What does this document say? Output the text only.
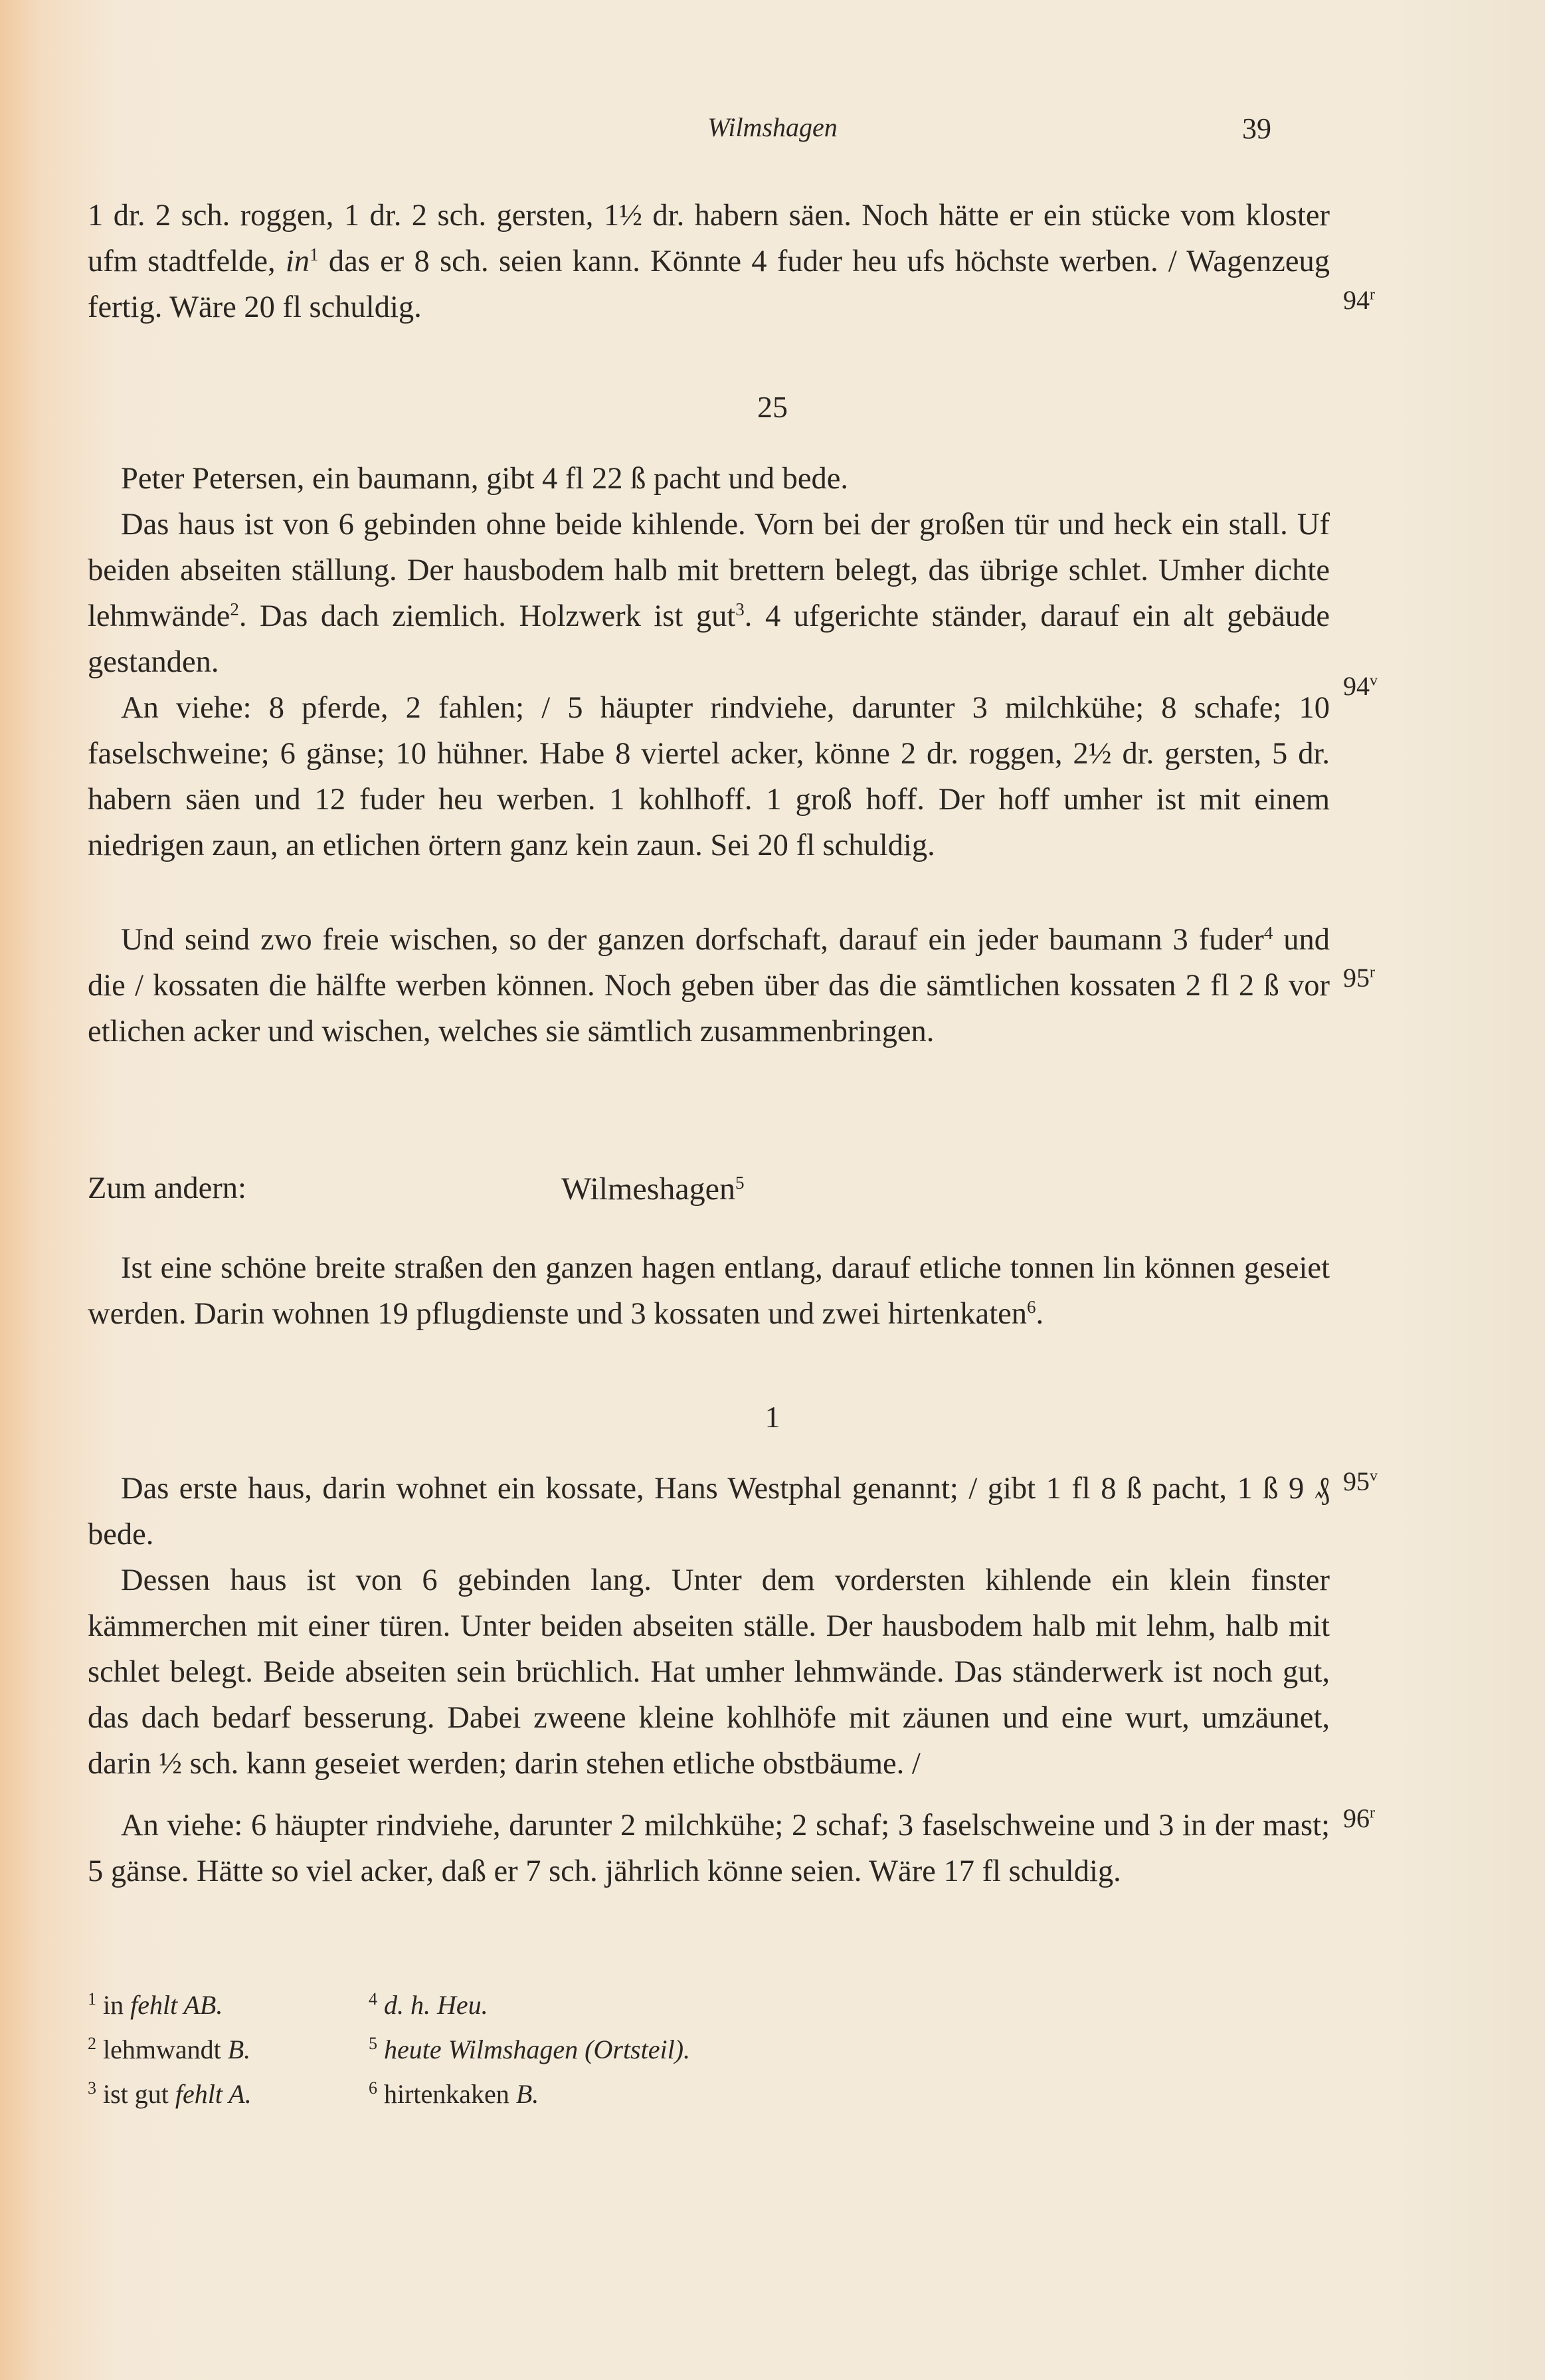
Wilmshagen	39
1 dr. 2 sch. roggen, 1 dr. 2 sch. gersten, 1½ dr. habern säen. Noch hätte er ein stücke vom kloster ufm stadtfelde, in$^1$ das er 8 sch. seien kann. Könnte 4 fuder heu ufs höchste werben. / Wagenzeug fertig. Wäre 20 fl schuldig.	94$^r$
25
Peter Petersen, ein baumann, gibt 4 fl 22 ß pacht und bede.
Das haus ist von 6 gebinden ohne beide kihlende. Vorn bei der großen tür und heck ein stall. Uf beiden abseiten ställung. Der hausbodem halb mit brettern belegt, das übrige schlet. Umher dichte lehmwände$^2$. Das dach ziemlich. Holzwerk ist gut$^3$. 4 ufgerichte ständer, darauf ein alt gebäude gestanden.
An viehe: 8 pferde, 2 fahlen; / 5 häupter rindviehe, darunter 3 milchkühe; 8 schafe; 10 faselschweine; 6 gänse; 10 hühner. Habe 8 viertel acker, könne 2 dr. roggen, 2½ dr. gersten, 5 dr. habern säen und 12 fuder heu werben. 1 kohlhoff. 1 groß hoff. Der hoff umher ist mit einem niedrigen zaun, an etlichen örtern ganz kein zaun. Sei 20 fl schuldig.
94$^v$
Und seind zwo freie wischen, so der ganzen dorfschaft, darauf ein jeder baumann 3 fuder$^4$ und die / kossaten die hälfte werben können. Noch geben über das die sämtlichen kossaten 2 fl 2 ß vor etlichen acker und wischen, welches sie sämtlich zusammenbringen.
95$^r$
Zum andern:	Wilmeshagen$^5$
Ist eine schöne breite straßen den ganzen hagen entlang, darauf etliche tonnen lin können geseiet werden. Darin wohnen 19 pflugdienste und 3 kossaten und zwei hirtenkaten$^6$.
1
Das erste haus, darin wohnet ein kossate, Hans Westphal genannt; / gibt 1 fl 8 ß pacht, 1 ß 9 ₰ bede.
95$^v$
Dessen haus ist von 6 gebinden lang. Unter dem vordersten kihlende ein klein finster kämmerchen mit einer türen. Unter beiden abseiten ställe. Der hausbodem halb mit lehm, halb mit schlet belegt. Beide abseiten sein brüchlich. Hat umher lehmwände. Das ständerwerk ist noch gut, das dach bedarf besserung. Dabei zweene kleine kohlhöfe mit zäunen und eine wurt, umzäunet, darin ½ sch. kann geseiet werden; darin stehen etliche obstbäume. /
An viehe: 6 häupter rindviehe, darunter 2 milchkühe; 2 schaf; 3 faselschweine und 3 in der mast; 5 gänse. Hätte so viel acker, daß er 7 sch. jährlich könne seien. Wäre 17 fl schuldig.
96$^r$
$^1$ in fehlt AB.
$^2$ lehmwandt B.
$^3$ ist gut fehlt A.
$^4$ d. h. Heu.
$^5$ heute Wilmshagen (Ortsteil).
$^6$ hirtenkaken B.
